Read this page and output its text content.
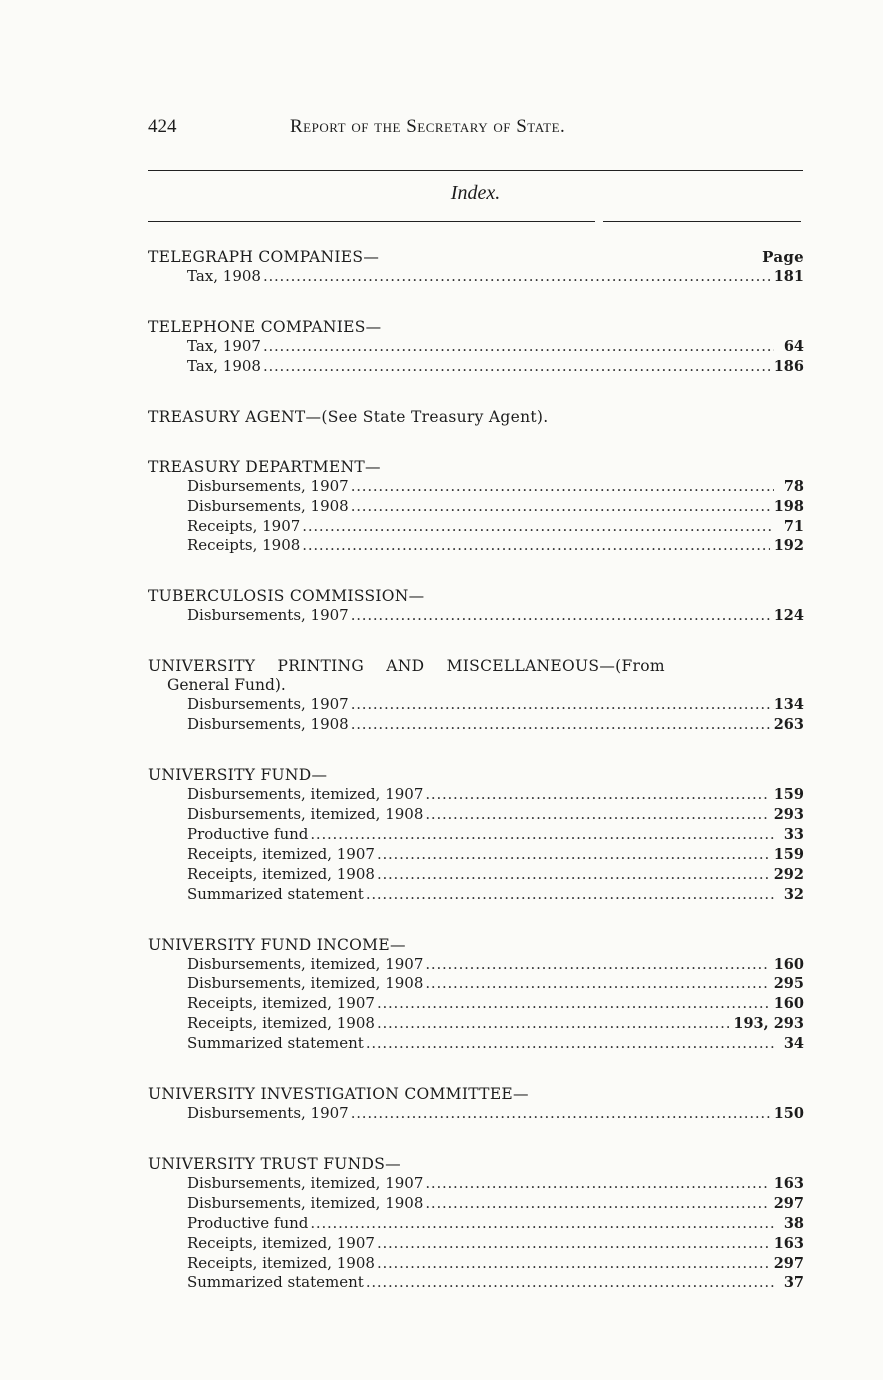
424	Report of the Secretary of State.
Index.
TELEGRAPH COMPANIES—	Page
Tax, 1908 . . .	181
TELEPHONE COMPANIES—
Tax, 1907 . . .	64
Tax, 1908 . . .	186
TREASURY AGENT—(See State Treasury Agent).
TREASURY DEPARTMENT—
Disbursements, 1907 . . .	78
Disbursements, 1908 . . .	198
Receipts, 1907 . . .	71
Receipts, 1908 . . .	192
TUBERCULOSIS COMMISSION—
Disbursements, 1907 . . .	124
UNIVERSITY PRINTING AND MISCELLANEOUS—(From
General Fund).
Disbursements, 1907 . . .	134
Disbursements, 1908 . . .	263
UNIVERSITY FUND—
Disbursements, itemized, 1907 . . .	159
Disbursements, itemized, 1908 . . .	293
Productive fund . . .	33
Receipts, itemized, 1907 . . .	159
Receipts, itemized, 1908 . . .	292
Summarized statement . . .	32
UNIVERSITY FUND INCOME—
Disbursements, itemized, 1907 . . .	160
Disbursements, itemized, 1908 . . .	295
Receipts, itemized, 1907 . . .	160
Receipts, itemized, 1908 . . .	193, 293
Summarized statement . . .	34
UNIVERSITY INVESTIGATION COMMITTEE—
Disbursements, 1907 . . .	150
UNIVERSITY TRUST FUNDS—
Disbursements, itemized, 1907 . . .	163
Disbursements, itemized, 1908 . . .	297
Productive fund . . .	38
Receipts, itemized, 1907 . . .	163
Receipts, itemized, 1908 . . .	297
Summarized statement . . .	37
